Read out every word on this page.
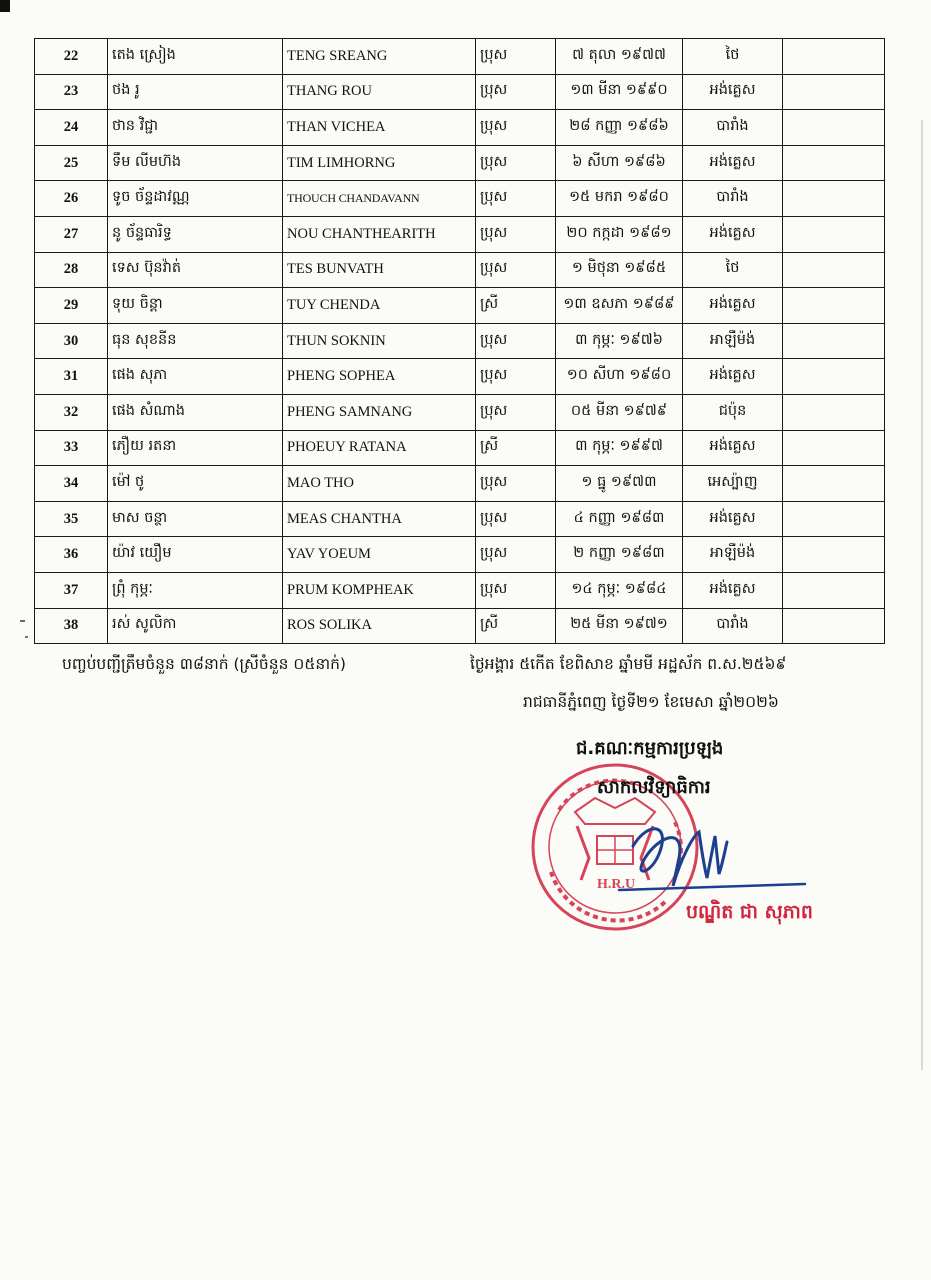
22	តេង ស្រៀង	TENG SREANG	ប្រុស	៧ តុលា ១៩៧៧	ថៃ	
23	ថង រូ	THANG ROU	ប្រុស	១៣ មីនា ១៩៩០	អង់គ្លេស	
24	ថាន វិជ្ជា	THAN VICHEA	ប្រុស	២៨ កញ្ញា ១៩៨៦	បារាំង	
25	ទឹម លីមហ៊ង	TIM LIMHORNG	ប្រុស	៦ សីហា ១៩៨៦	អង់គ្លេស	
26	ទូច ច័ន្ទដាវណ្ណ	THOUCH CHANDAVANN	ប្រុស	១៥ មករា ១៩៨០	បារាំង	
27	នូ ច័ន្ទធារិទ្ធ	NOU CHANTHEARITH	ប្រុស	២០ កក្កដា ១៩៨១	អង់គ្លេស	
28	ទេស ប៊ុនវ៉ាត់	TES BUNVATH	ប្រុស	១ មិថុនា ១៩៨៥	ថៃ	
29	ទុយ ចិន្តា	TUY CHENDA	ស្រី	១៣ ឧសភា ១៩៨៩	អង់គ្លេស	
30	ធុន សុខនីន	THUN SOKNIN	ប្រុស	៣ កុម្ភៈ ១៩៧៦	អាឡឺម៉ង់	
31	ផេង សុភា	PHENG SOPHEA	ប្រុស	១០ សីហា ១៩៨០	អង់គ្លេស	
32	ផេង សំណាង	PHENG SAMNANG	ប្រុស	០៥ មីនា ១៩៧៩	ជប៉ុន	
33	ភឿយ រតនា	PHOEUY RATANA	ស្រី	៣ កុម្ភៈ ១៩៩៧	អង់គ្លេស	
34	ម៉ៅ ថូ	MAO THO	ប្រុស	១ ធ្នូ ១៩៧៣	អេស្ប៉ាញ	
35	មាស ចន្ថា	MEAS CHANTHA	ប្រុស	៤ កញ្ញា ១៩៨៣	អង់គ្លេស	
36	យ៉ាវ យឿម	YAV YOEUM	ប្រុស	២ កញ្ញា ១៩៨៣	អាឡឺម៉ង់	
37	ព្រុំ កុម្ភៈ	PRUM KOMPHEAK	ប្រុស	១៤ កុម្ភៈ ១៩៨៤	អង់គ្លេស	
38	រស់ សូលិកា	ROS SOLIKA	ស្រី	២៥ មីនា ១៩៧១	បារាំង	
បញ្ចប់បញ្ជីត្រឹមចំនួន ៣៨នាក់ (ស្រីចំនួន ០៥នាក់)	ថ្ងៃអង្គារ ៥កើត ខែពិសាខ ឆ្នាំមមី អដ្ឋស័ក ព.ស.២៥៦៩
រាជធានីភ្នំពេញ ថ្ងៃទី២១ ខែមេសា ឆ្នាំ២០២៦
H.R.U
ជ.គណៈកម្មការប្រឡង
សាកលវិទ្យាធិការ
បណ្ឌិត ជា សុភាព
